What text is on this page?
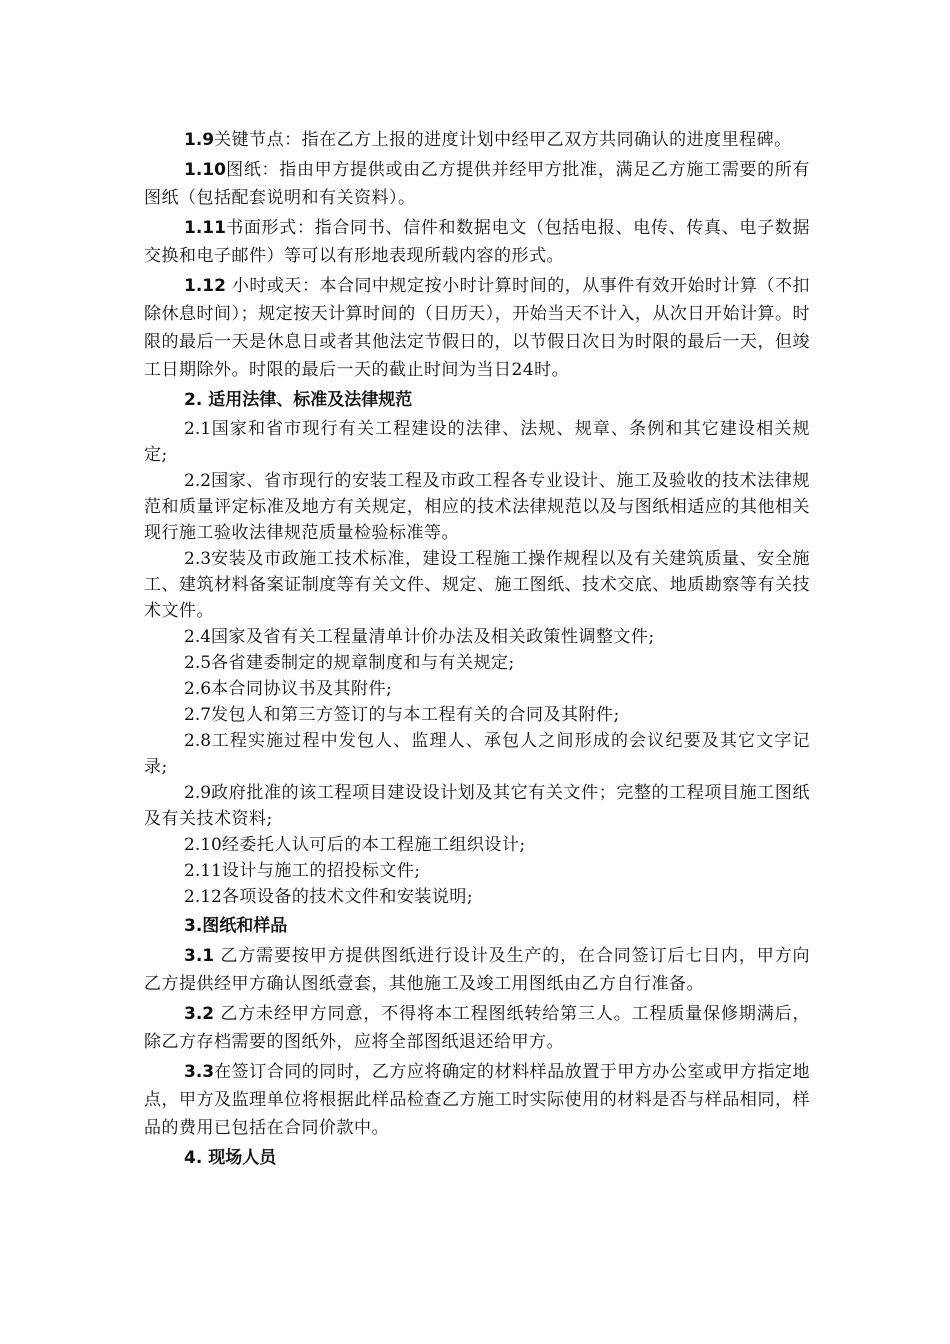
1.9关键节点：指在乙方上报的进度计划中经甲乙双方共同确认的进度里程碑。

1.10图纸：指由甲方提供或由乙方提供并经甲方批准，满足乙方施工需要的所有图纸（包括配套说明和有关资料）。

1.11书面形式：指合同书、信件和数据电文（包括电报、电传、传真、电子数据交换和电子邮件）等可以有形地表现所载内容的形式。

1.12 小时或天：本合同中规定按小时计算时间的，从事件有效开始时计算（不扣除休息时间）；规定按天计算时间的（日历天），开始当天不计入，从次日开始计算。时限的最后一天是休息日或者其他法定节假日的，以节假日次日为时限的最后一天，但竣工日期除外。时限的最后一天的截止时间为当日24时。

2. 适用法律、标准及法律规范

2.1国家和省市现行有关工程建设的法律、法规、规章、条例和其它建设相关规定;

2.2国家、省市现行的安装工程及市政工程各专业设计、施工及验收的技术法律规范和质量评定标准及地方有关规定，相应的技术法律规范以及与图纸相适应的其他相关现行施工验收法律规范质量检验标准等。

2.3安装及市政施工技术标准，建设工程施工操作规程以及有关建筑质量、安全施工、建筑材料备案证制度等有关文件、规定、施工图纸、技术交底、地质勘察等有关技术文件。

2.4国家及省有关工程量清单计价办法及相关政策性调整文件;

2.5各省建委制定的规章制度和与有关规定;

2.6本合同协议书及其附件;

2.7发包人和第三方签订的与本工程有关的合同及其附件;

2.8工程实施过程中发包人、监理人、承包人之间形成的会议纪要及其它文字记录;

2.9政府批准的该工程项目建设设计划及其它有关文件；完整的工程项目施工图纸及有关技术资料;

2.10经委托人认可后的本工程施工组织设计;

2.11设计与施工的招投标文件;

2.12各项设备的技术文件和安装说明;

3.图纸和样品

3.1 乙方需要按甲方提供图纸进行设计及生产的，在合同签订后七日内，甲方向乙方提供经甲方确认图纸壹套，其他施工及竣工用图纸由乙方自行准备。

3.2 乙方未经甲方同意，不得将本工程图纸转给第三人。工程质量保修期满后，除乙方存档需要的图纸外，应将全部图纸退还给甲方。

3.3在签订合同的同时，乙方应将确定的材料样品放置于甲方办公室或甲方指定地点，甲方及监理单位将根据此样品检查乙方施工时实际使用的材料是否与样品相同，样品的费用已包括在合同价款中。

4. 现场人员
